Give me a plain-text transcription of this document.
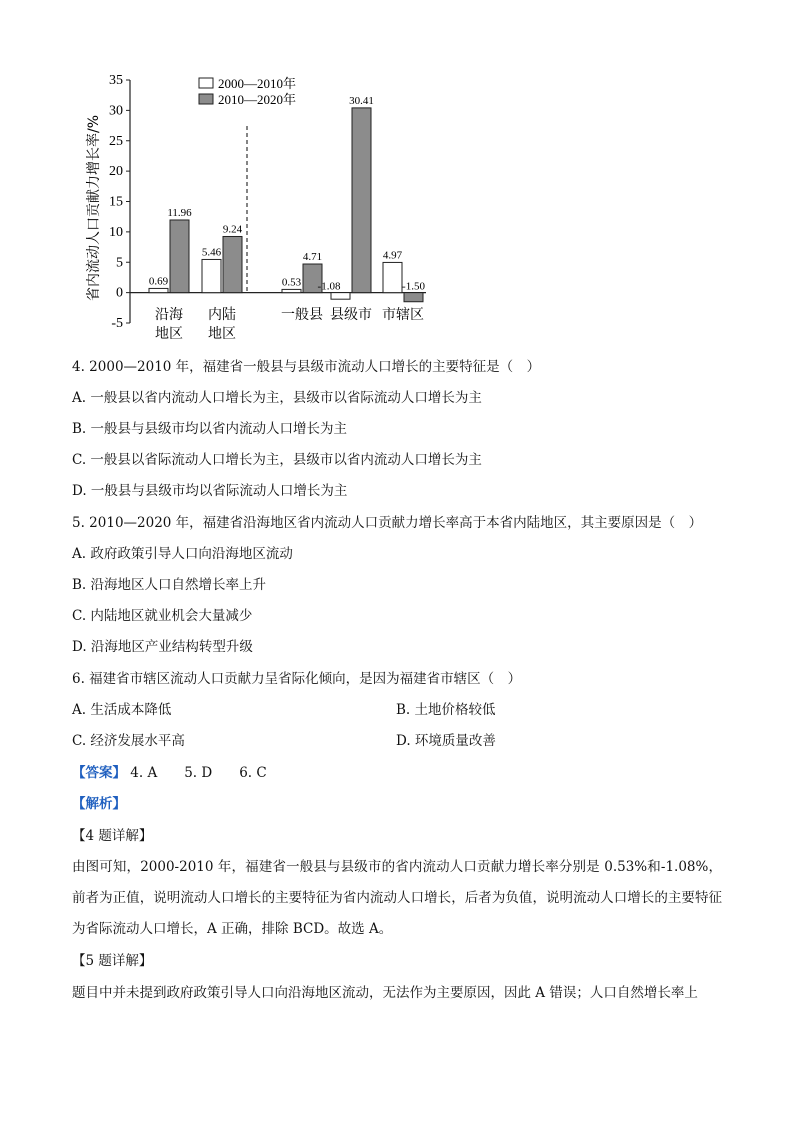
35
30
25
20
15
10
5
0
-5
0.69
11.96
沿海
地区
5.46
9.24
内陆
地区
0.53
4.71
一般县
-1.08
30.41
县级市
4.97
-1.50
市辖区
2000—2010年
2010—2020年
省内流动人口贡献力增长率/%
4. 2000—2010 年，福建省一般县与县级市流动人口增长的主要特征是（　）
A. 一般县以省内流动人口增长为主，县级市以省际流动人口增长为主
B. 一般县与县级市均以省内流动人口增长为主
C. 一般县以省际流动人口增长为主，县级市以省内流动人口增长为主
D. 一般县与县级市均以省际流动人口增长为主
5. 2010—2020 年，福建省沿海地区省内流动人口贡献力增长率高于本省内陆地区，其主要原因是（　）
A. 政府政策引导人口向沿海地区流动
B. 沿海地区人口自然增长率上升
C. 内陆地区就业机会大量减少
D. 沿海地区产业结构转型升级
6. 福建省市辖区流动人口贡献力呈省际化倾向，是因为福建省市辖区（　）
A. 生活成本降低	B. 土地价格较低
C. 经济发展水平高	D. 环境质量改善
【答案】 4. A　　5. D　　6. C
【解析】
【4 题详解】
由图可知，2000-2010 年，福建省一般县与县级市的省内流动人口贡献力增长率分别是 0.53%和-1.08%，前者为正值，说明流动人口增长的主要特征为省内流动人口增长，后者为负值，说明流动人口增长的主要特征为省际流动人口增长，A 正确，排除 BCD。故选 A。
【5 题详解】
题目中并未提到政府政策引导人口向沿海地区流动，无法作为主要原因，因此 A 错误；人口自然增长率上
